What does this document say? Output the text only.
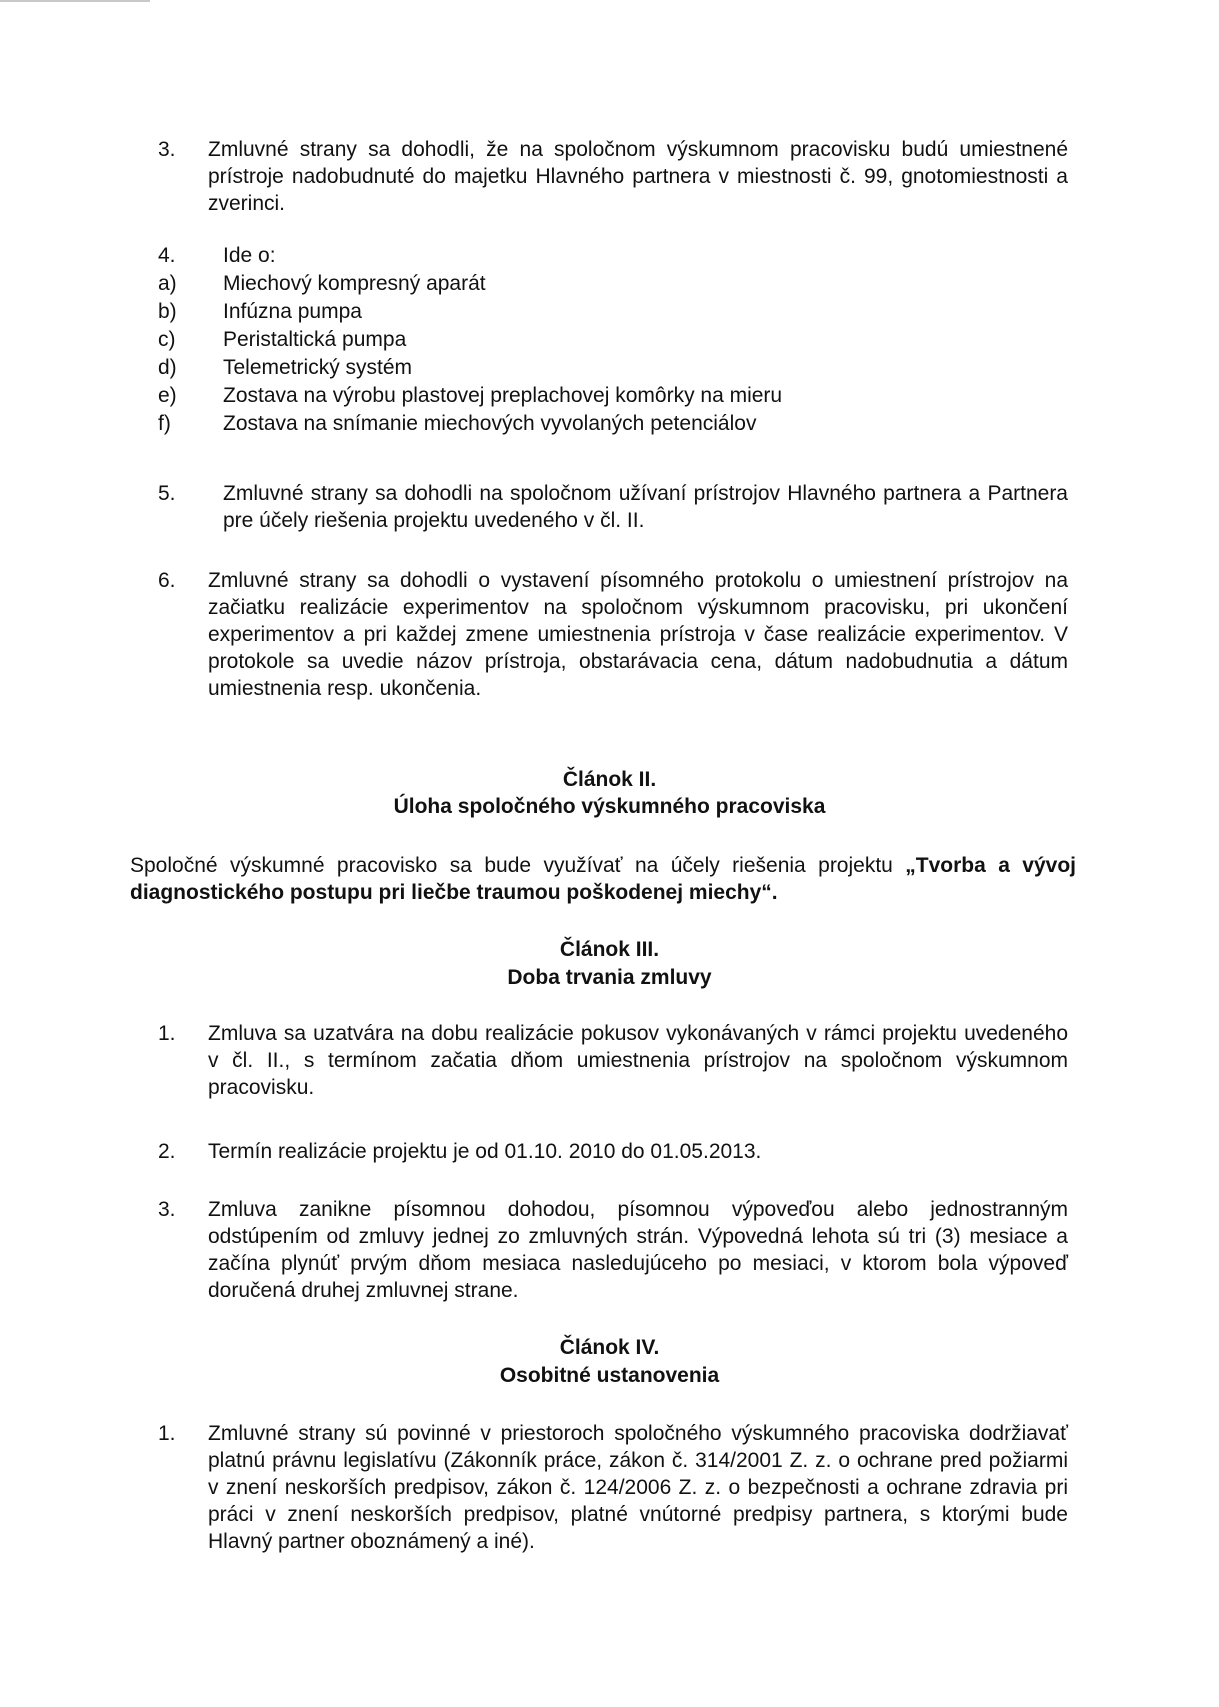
3.	Zmluvné strany sa dohodli, že na spoločnom výskumnom pracovisku budú umiestnené prístroje nadobudnuté do majetku Hlavného partnera v miestnosti č. 99, gnotomiestnosti a zverinci.
4.	Ide o:
a)	Miechový kompresný aparát
b)	Infúzna pumpa
c)	Peristaltická pumpa
d)	Telemetrický systém
e)	Zostava na výrobu plastovej preplachovej komôrky na mieru
f)	Zostava na snímanie miechových vyvolaných petenciálov
5.	Zmluvné strany sa dohodli na spoločnom užívaní prístrojov Hlavného partnera a Partnera pre účely riešenia projektu uvedeného v čl. II.
6.	Zmluvné strany sa dohodli o vystavení písomného protokolu o umiestnení prístrojov na začiatku realizácie experimentov na spoločnom výskumnom pracovisku, pri ukončení experimentov a pri každej zmene umiestnenia prístroja v čase realizácie experimentov. V protokole sa uvedie názov prístroja, obstarávacia cena, dátum nadobudnutia a dátum umiestnenia resp. ukončenia.
Článok II.
Úloha spoločného výskumného pracoviska
Spoločné výskumné pracovisko sa bude využívať na účely riešenia projektu „Tvorba a vývoj diagnostického postupu pri liečbe traumou poškodenej miechy“.
Článok III.
Doba trvania zmluvy
1.	Zmluva sa uzatvára na dobu realizácie pokusov vykonávaných v rámci projektu uvedeného v čl. II., s termínom začatia dňom umiestnenia prístrojov na spoločnom výskumnom pracovisku.
2.	Termín realizácie projektu je od 01.10. 2010 do 01.05.2013.
3.	Zmluva zanikne písomnou dohodou, písomnou výpoveďou alebo jednostranným odstúpením od zmluvy jednej zo zmluvných strán. Výpovedná lehota sú tri (3) mesiace a začína plynúť prvým dňom mesiaca nasledujúceho po mesiaci, v ktorom bola výpoveď doručená druhej zmluvnej strane.
Článok IV.
Osobitné ustanovenia
1.	Zmluvné strany sú povinné v priestoroch spoločného výskumného pracoviska dodržiavať platnú právnu legislatívu (Zákonník práce, zákon č. 314/2001 Z. z. o ochrane pred požiarmi v znení neskorších predpisov, zákon č. 124/2006 Z. z. o bezpečnosti a ochrane zdravia pri práci v znení neskorších predpisov, platné vnútorné predpisy partnera, s ktorými bude Hlavný partner oboznámený a iné).
